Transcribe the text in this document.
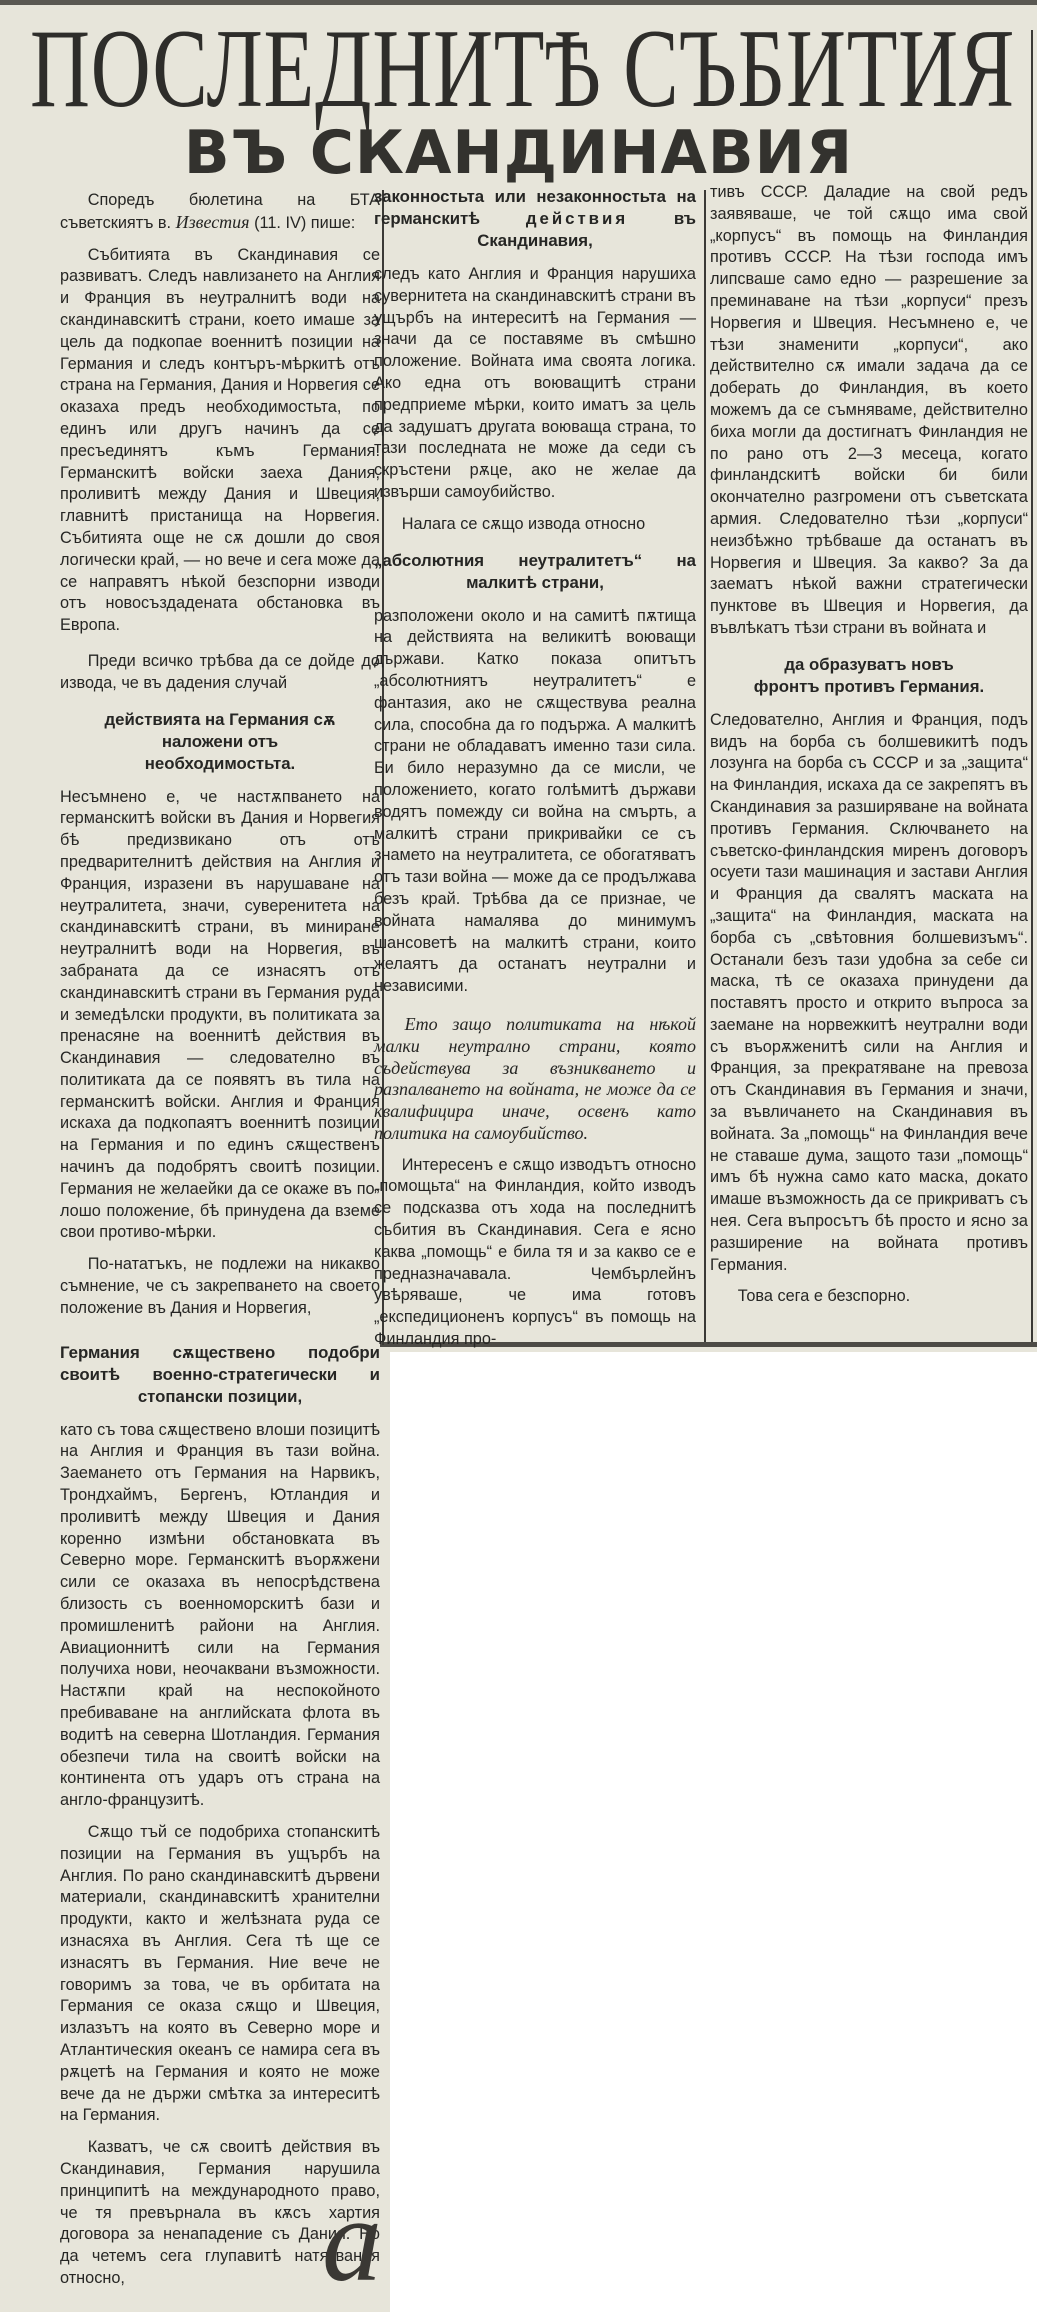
ПОСЛЕДНИТѢ СЪБИТИЯ
ВЪ СКАНДИНАВИЯ

Споредъ бюлетина на БТА съветскиятъ в. Известия (11. IV) пише:

Събитията въ Скандинавия се развиватъ. Следъ навлизането на Англия и Франция въ неутралнитѣ води на скандинавскитѣ страни, което имаше за цель да подкопае военнитѣ позиции на Германия и следъ контъръ-мѣркитѣ отъ страна на Германия, Дания и Норвегия се оказаха предъ необходимостьта, по единъ или другъ начинъ да се пресъединятъ къмъ Германия. Германскитѣ войски заеха Дания, проливитѣ между Дания и Швеция, главнитѣ пристанища на Норвегия. Събитията още не сѫ дошли до своя логически край, — но вече и сега може да се направятъ нѣкой безспорни изводи отъ новосъздадената обстановка въ Европа.

Преди всичко трѣбва да се дойде до извода, че въ дадения случай

действията на Германия сѫ наложени отъ необходимостьта.

Несъмнено е, че настѫпването на германскитѣ войски въ Дания и Норвегия бѣ предизвикано отъ отъ предварителнитѣ действия на Англия и Франция, изразени въ нарушаване на неутралитета, значи, суверенитета на скандинавскитѣ страни, въ миниране неутралнитѣ води на Норвегия, въ забраната да се изнасятъ отъ скандинавскитѣ страни въ Германия руда и земедѣлски продукти, въ политиката за пренасяне на военнитѣ действия въ Скандинавия — следователно въ политиката да се появятъ въ тила на германскитѣ войски. Англия и Франция искаха да подкопаятъ военнитѣ позиции на Германия и по единъ сѫщественъ начинъ да подобрятъ своитѣ позиции. Германия не желаейки да се окаже въ по-лошо положение, бѣ принудена да вземе свои противо-мѣрки.

По-нататъкъ, не подлежи на никакво съмнение, че съ закрепването на своето положение въ Дания и Норвегия,

Германия сѫществено подобри своитѣ военно-стратегически и стопански позиции,

като съ това сѫществено влоши позицитѣ на Англия и Франция въ тази война. Заемането отъ Германия на Нарвикъ, Трондхаймъ, Бергенъ, Ютландия и проливитѣ между Швеция и Дания коренно измѣни обстановката въ Северно море. Германскитѣ въорѫжени сили се оказаха въ непосрѣдствена близость съ военноморскитѣ бази и промишленитѣ райони на Англия. Авиационнитѣ сили на Германия получиха нови, неочаквани възможности. Настѫпи край на неспокойното пребиваване на английската флота въ водитѣ на северна Шотландия. Германия обезпечи тила на своитѣ войски на континента отъ ударъ отъ страна на англо-французитѣ.

Сѫщо тъй се подобриха стопанскитѣ позиции на Германия въ ущърбъ на Англия. По рано скандинавскитѣ дървени материали, скандинавскитѣ хранителни продукти, както и желѣзната руда се изнасяха въ Англия. Сега тѣ ще се изнасятъ въ Германия. Ние вече не говоримъ за това, че въ орбитата на Германия се оказа сѫщо и Швеция, излазътъ на която въ Северно море и Атлантическия океанъ се намира сега въ рѫцетѣ на Германия и която не може вече да не държи смѣтка за интереситѣ на Германия.

Казватъ, че сѫ своитѣ действия въ Скандинавия, Германия нарушила принципитѣ на международното право, че тя превърнала въ кѫсъ хартия договора за ненападение съ Дания. Но да четемъ сега глупавитѣ натяквания относно,

законностьта или незаконностьта на германскитѣ действия въ Скандинавия,

следъ като Англия и Франция нарушиха сувернитета на скандинавскитѣ страни въ ущърбъ на интереситѣ на Германия — значи да се поставяме въ смѣшно положение. Войната има своята логика. Ако една отъ воюващитѣ страни предприеме мѣрки, които иматъ за цель да задушатъ другата воюваща страна, то тази последната не може да седи съ скръстени рѫце, ако не желае да извърши самоубийство.

Налага се сѫщо извода относно

„абсолютния неутралитетъ“ на малкитѣ страни,

разположени около и на самитѣ пѫтища на действията на великитѣ воюващи държави. Катко показа опитътъ „абсолютниятъ неутралитетъ“ е фантазия, ако не сѫществува реална сила, способна да го подържа. А малкитѣ страни не обладаватъ именно тази сила. Би било неразумно да се мисли, че положението, когато голѣмитѣ държави водятъ помежду си война на смърть, а малкитѣ страни прикривайки се съ знамето на неутралитета, се обогатяватъ отъ тази война — може да се продължава безъ край. Трѣбва да се признае, че войната намалява до минимумъ шансоветѣ на малкитѣ страни, които желаятъ да останатъ неутрални и независими.

Ето защо политиката на нѣкой малки неутрално страни, която съдействува за възникването и разпалването на войната, не може да се квалифицира иначе, освенъ като политика на самоубийство.

Интересенъ е сѫщо изводътъ относно „помощьта“ на Финландия, който изводъ се подсказва отъ хода на последнитѣ събития въ Скандинавия. Сега е ясно каква „помощь“ е била тя и за какво се е предназначавала. Чембърлейнъ увѣряваше, че има готовъ „експедиционенъ корпусъ“ въ помощь на Финландия про-

тивъ СССР. Даладие на свой редъ заявяваше, че той сѫщо има свой „корпусъ“ въ помощь на Финландия противъ СССР. На тѣзи господа имъ липсваше само едно — разрешение за преминаване на тѣзи „корпуси“ презъ Норвегия и Швеция. Несъмнено е, че тѣзи знаменити „корпуси“, ако действително сѫ имали задача да се доберать до Финландия, въ което можемъ да се съмняваме, действително биха могли да достигнатъ Финландия не по рано отъ 2—3 месеца, когато финландскитѣ войски би били окончателно разгромени отъ съветската армия. Следователно тѣзи „корпуси“ неизбѣжно трѣбваше да останатъ въ Норвегия и Швеция. За какво? За да заематъ нѣкой важни стратегически пунктове въ Швеция и Норвегия, да въвлѣкатъ тѣзи страни въ войната и

да образуватъ новъ фронтъ противъ Германия.

Следователно, Англия и Франция, подъ видъ на борба съ болшевикитѣ подъ лозунга на борба съ СССР и за „защита“ на Финландия, искаха да се закрепятъ въ Скандинавия за разширяване на войната противъ Германия. Сключването на съветско-финландския миренъ договоръ осуети тази машинация и застави Англия и Франция да свалятъ маската на „защита“ на Финландия, маската на борба съ „свѣтовния болшевизъмъ“. Останали безъ тази удобна за себе си маска, тѣ се оказаха принудени да поставятъ просто и открито въпроса за заемане на норвежкитѣ неутрални води съ въорѫженитѣ сили на Англия и Франция, за прекратяване на превоза отъ Скандинавия въ Германия и значи, за въвличането на Скандинавия въ войната. За „помощь“ на Финландия вече не ставаше дума, защото тази „помощь“ имъ бѣ нужна само като маска, докато имаше възможность да се прикриватъ съ нея. Сега въпросътъ бѣ просто и ясно за разширение на войната противъ Германия.

Това сега е безспорно.

а
